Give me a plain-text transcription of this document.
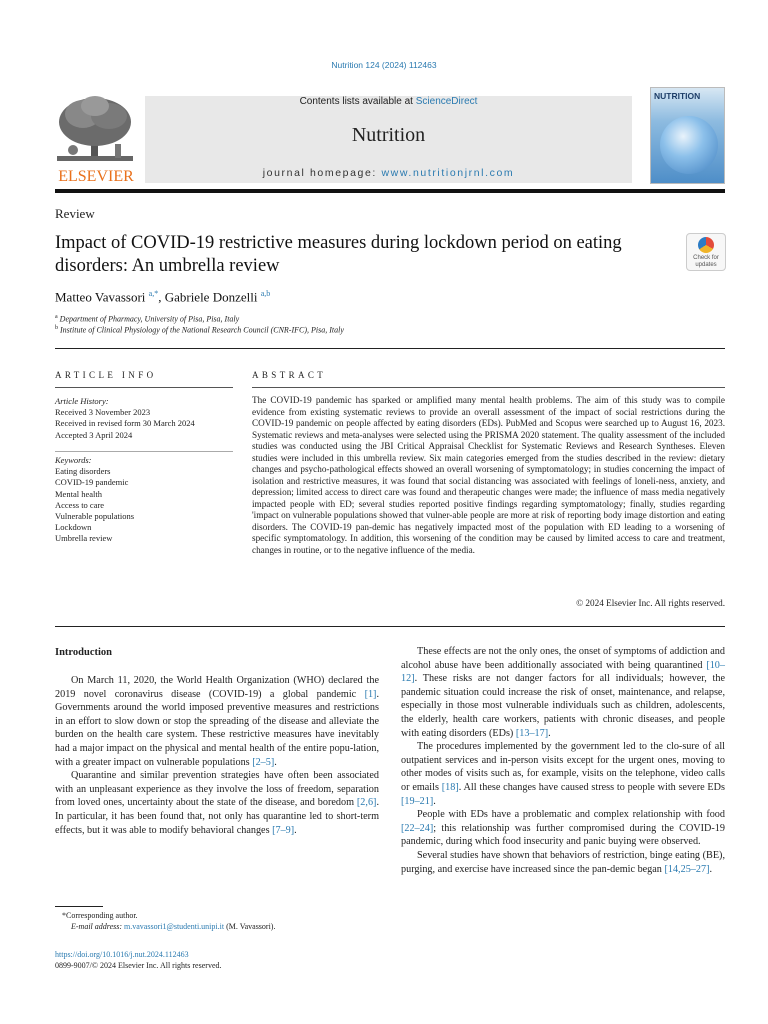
Nutrition 124 (2024) 112463
ELSEVIER
Contents lists available at ScienceDirect
Nutrition
journal homepage: www.nutritionjrnl.com
NUTRITION
Review
Impact of COVID-19 restrictive measures during lockdown period on eating disorders: An umbrella review	Check for updates
Matteo Vavassori $^{a,*}$, Gabriele Donzelli $^{a,b}$
$^a$ Department of Pharmacy, University of Pisa, Pisa, Italy
$^b$ Institute of Clinical Physiology of the National Research Council (CNR-IFC), Pisa, Italy
ARTICLE INFO	ABSTRACT
Article History:
Received 3 November 2023
Received in revised form 30 March 2024
Accepted 3 April 2024
Keywords:
Eating disorders
COVID-19 pandemic
Mental health
Access to care
Vulnerable populations
Lockdown
Umbrella review
The COVID-19 pandemic has sparked or amplified many mental health problems. The aim of this study was to compile evidence from existing systematic reviews to provide an overall assessment of the impact of social restrictions during the COVID-19 pandemic on people affected by eating disorders (EDs). PubMed and Scopus were searched up to August 16, 2023. Systematic reviews and meta-analyses were selected using the PRISMA 2020 statement. The quality assessment of the included studies was conducted using the JBI Critical Appraisal Checklist for Systematic Reviews and Research Syntheses. Eleven studies were included in this umbrella review. Six main categories emerged from the studies described in the review: dietary changes and psycho-pathological effects showed an overall worsening of symptomatology; in studies concerning the impact of isolation and restrictive measures, it was found that social distancing was associated with feelings of loneli-ness, anxiety, and depression; limited access to direct care was found and therapeutic changes were made; the influence of mass media negatively impacted people with ED; several studies reported positive findings regarding symptomatology; finally, studies regarding 'impact on vulnerable populations showed that vulner-able people are more at risk of reporting body image distortion and eating disorders. The COVID-19 pan-demic has negatively impacted most of the population with ED leading to a worsening of specific symptomatology. In addition, this worsening of the condition may be caused by limited access to care and treatment, changes in routine, or to the negative influence of the media.
© 2024 Elsevier Inc. All rights reserved.
Introduction

On March 11, 2020, the World Health Organization (WHO) declared the 2019 novel coronavirus disease (COVID-19) a global pandemic [1]. Governments around the world imposed preventive measures and restrictions in an effort to slow down or stop the spreading of the disease and alleviate the burden on the health care system. These restrictive measures have inevitably had a major impact on the physical and mental health of the entire popu-lation, with a greater impact on vulnerable populations [2–5].

Quarantine and similar prevention strategies have often been associated with an unpleasant experience as they involve the loss of freedom, separation from loved ones, uncertainty about the state of the disease, and boredom [2,6]. In particular, it has been found that, not only has quarantine led to short-term effects, but it was able to modify behavioral changes [7–9].

These effects are not the only ones, the onset of symptoms of addiction and alcohol abuse have been additionally associated with being quarantined [10–12]. These risks are not danger factors for all individuals; however, the pandemic situation could increase the risk of onset, maintenance, and relapse, especially in those most vulnerable individuals such as children, adolescents, the elderly, health care workers, patients with chronic diseases, and people with eating disorders (EDs) [13–17].

The procedures implemented by the government led to the clo-sure of all outpatient services and in-person visits except for the urgent ones, moving to other modes of visits such as, for example, visits on the telephone, video calls or emails [18]. All these changes have caused stress to people with severe EDs [19–21].

People with EDs have a problematic and complex relationship with food [22–24]; this relationship was further compromised during the COVID-19 pandemic, during which food insecurity and panic buying were observed.

Several studies have shown that behaviors of restriction, binge eating (BE), purging, and exercise have increased since the pan-demic began [14,25–27].

*Corresponding author.
E-mail address: m.vavassori1@studenti.unipi.it (M. Vavassori).
https://doi.org/10.1016/j.nut.2024.112463
0899-9007/© 2024 Elsevier Inc. All rights reserved.
